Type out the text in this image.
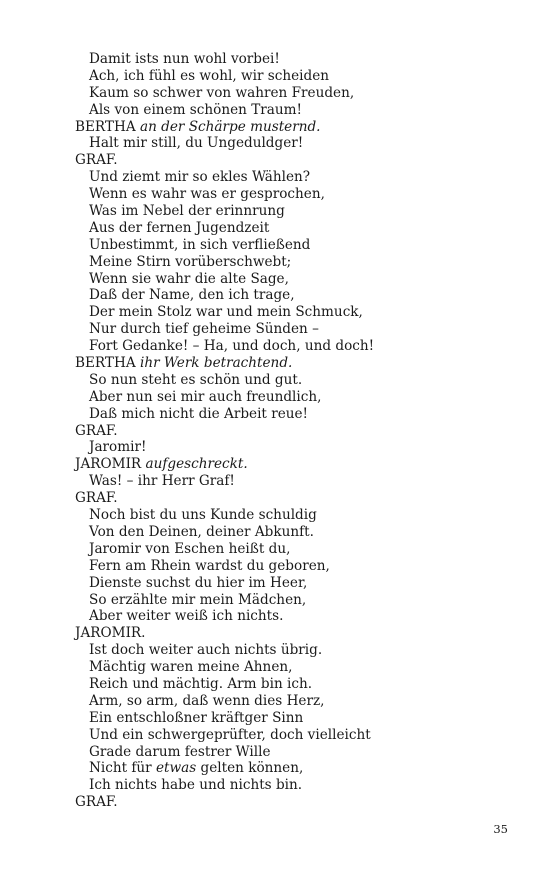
Damit ists nun wohl vorbei!
Ach, ich fühl es wohl, wir scheiden
Kaum so schwer von wahren Freuden,
Als von einem schönen Traum!
BERTHA an der Schärpe musternd.
Halt mir still, du Ungeduldger!
GRAF.
Und ziemt mir so ekles Wählen?
Wenn es wahr was er gesprochen,
Was im Nebel der erinnrung
Aus der fernen Jugendzeit
Unbestimmt, in sich verfließend
Meine Stirn vorüberschwebt;
Wenn sie wahr die alte Sage,
Daß der Name, den ich trage,
Der mein Stolz war und mein Schmuck,
Nur durch tief geheime Sünden –
Fort Gedanke! – Ha, und doch, und doch!
BERTHA ihr Werk betrachtend.
So nun steht es schön und gut.
Aber nun sei mir auch freundlich,
Daß mich nicht die Arbeit reue!
GRAF.
Jaromir!
JAROMIR aufgeschreckt.
Was! – ihr Herr Graf!
GRAF.
Noch bist du uns Kunde schuldig
Von den Deinen, deiner Abkunft.
Jaromir von Eschen heißt du,
Fern am Rhein wardst du geboren,
Dienste suchst du hier im Heer,
So erzählte mir mein Mädchen,
Aber weiter weiß ich nichts.
JAROMIR.
Ist doch weiter auch nichts übrig.
Mächtig waren meine Ahnen,
Reich und mächtig. Arm bin ich.
Arm, so arm, daß wenn dies Herz,
Ein entschloßner kräftger Sinn
Und ein schwergeprüfter, doch vielleicht
Grade darum festrer Wille
Nicht für etwas gelten können,
Ich nichts habe und nichts bin.
GRAF.
35
